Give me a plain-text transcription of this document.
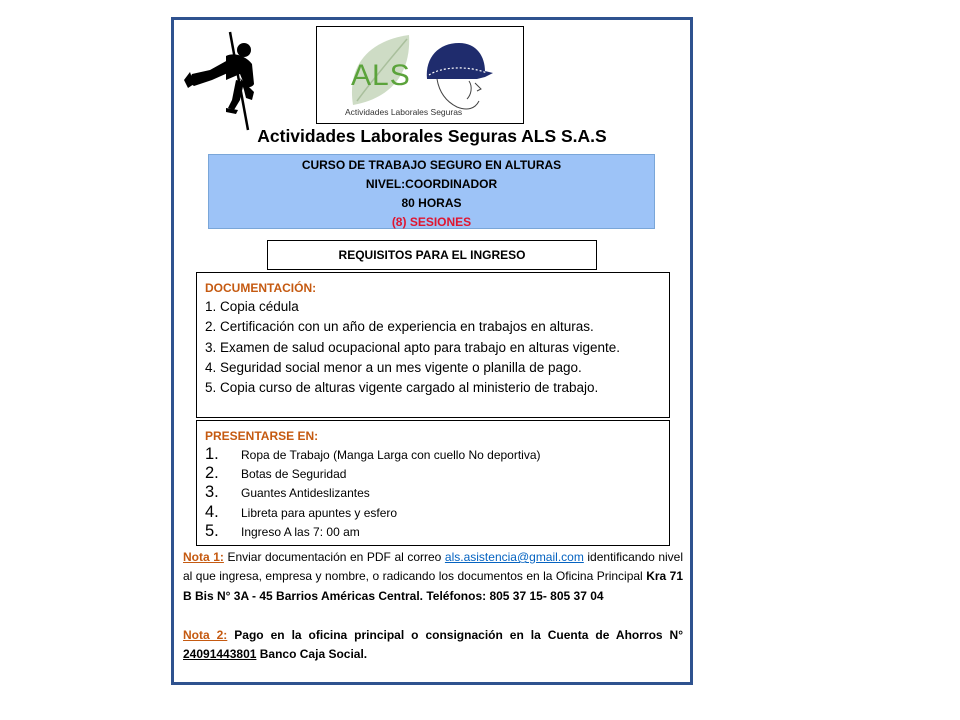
ALS
Actividades Laborales Seguras
Actividades Laborales Seguras ALS S.A.S
CURSO DE TRABAJO SEGURO EN ALTURAS
NIVEL:COORDINADOR
80 HORAS
(8) SESIONES
REQUISITOS PARA EL INGRESO
DOCUMENTACIÓN:
1. Copia cédula
2. Certificación con un año de experiencia en trabajos en alturas.
3. Examen de salud ocupacional apto para trabajo en alturas vigente.
4. Seguridad social menor a un mes vigente o planilla de pago.
5. Copia curso de alturas vigente cargado al ministerio de trabajo.
PRESENTARSE EN:
1.	Ropa de Trabajo (Manga Larga con cuello No deportiva)
2.	Botas de Seguridad
3.	Guantes Antideslizantes
4.	Libreta para apuntes y esfero
5.	Ingreso A las 7: 00 am

Nota 1: Enviar documentación en PDF al correo als.asistencia@gmail.com identificando nivel al que ingresa, empresa y nombre, o radicando los documentos en la Oficina Principal Kra 71 B Bis N° 3A - 45 Barrios Américas Central. Teléfonos: 805 37 15- 805 37 04

Nota 2: Pago en la oficina principal o consignación en la Cuenta de Ahorros N° 24091443801 Banco Caja Social.
